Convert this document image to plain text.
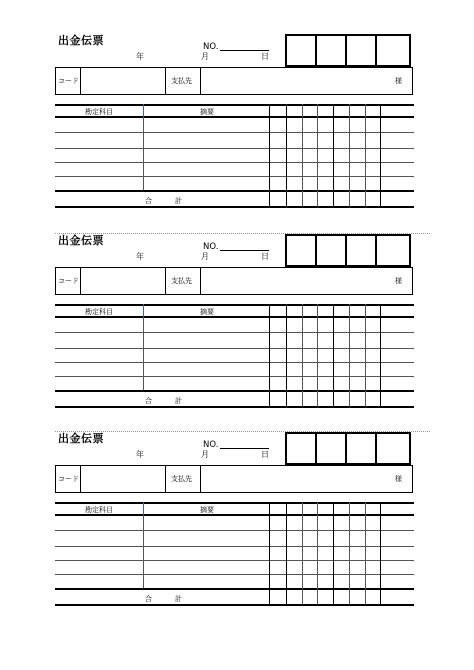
出金伝票	NO.
年	月	日
コード	支払先	様
勘定科目	摘要
合	計
出金伝票	NO.
年	月	日
コード	支払先	様
勘定科目	摘要
合	計
出金伝票	NO.
年	月	日
コード	支払先	様
勘定科目	摘要
合	計
